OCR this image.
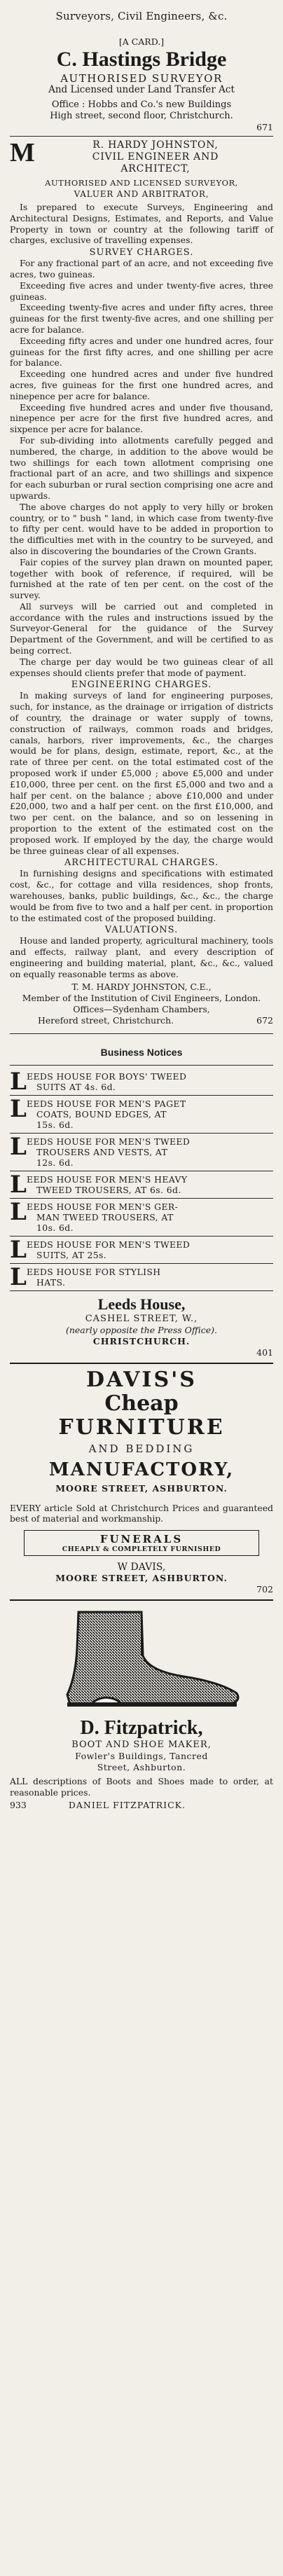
Surveyors, Civil Engineers, &c.
[A CARD.]
C. Hastings Bridge
AUTHORISED SURVEYOR
And Licensed under Land Transfer Act
Office : Hobbs and Co.'s new Buildings
High street, second floor, Christchurch.
671
M	R. HARDY JOHNSTON,
CIVIL ENGINEER AND
ARCHITECT,
AUTHORISED AND LICENSED SURVEYOR,
VALUER AND ARBITRATOR,

Is prepared to execute Surveys, Engineering and Architectural Designs, Estimates, and Reports, and Value Property in town or country at the following tariff of charges, exclusive of travelling expenses.

SURVEY CHARGES.

For any fractional part of an acre, and not exceeding five acres, two guineas.

Exceeding five acres and under twenty-five acres, three guineas.

Exceeding twenty-five acres and under fifty acres, three guineas for the first twenty-five acres, and one shilling per acre for balance.

Exceeding fifty acres and under one hundred acres, four guineas for the first fifty acres, and one shilling per acre for balance.

Exceeding one hundred acres and under five hundred acres, five guineas for the first one hundred acres, and ninepence per acre for balance.

Exceeding five hundred acres and under five thousand, ninepence per acre for the first five hundred acres, and sixpence per acre for balance.

For sub-dividing into allotments carefully pegged and numbered, the charge, in addition to the above would be two shillings for each town allotment comprising one fractional part of an acre, and two shillings and sixpence for each suburban or rural section comprising one acre and upwards.

The above charges do not apply to very hilly or broken country, or to " bush " land, in which case from twenty-five to fifty per cent. would have to be added in proportion to the difficulties met with in the country to be surveyed, and also in discovering the boundaries of the Crown Grants.

Fair copies of the survey plan drawn on mounted paper, together with book of reference, if required, will be furnished at the rate of ten per cent. on the cost of the survey.

All surveys will be carried out and completed in accordance with the rules and instructions issued by the Surveyor-General for the guidance of the Survey Department of the Government, and will be certified to as being correct.

The charge per day would be two guineas clear of all expenses should clients prefer that mode of payment.

ENGINEERING CHARGES.

In making surveys of land for engineering purposes, such, for instance, as the drainage or irrigation of districts of country, the drainage or water supply of towns, construction of railways, common roads and bridges, canals, harbors, river improvements, &c., the charges would be for plans, design, estimate, report, &c., at the rate of three per cent. on the total estimated cost of the proposed work if under £5,000 ; above £5,000 and under £10,000, three per cent. on the first £5,000 and two and a half per cent. on the balance ; above £10,000 and under £20,000, two and a half per cent. on the first £10,000, and two per cent. on the balance, and so on lessening in proportion to the extent of the estimated cost on the proposed work. If employed by the day, the charge would be three guineas clear of all expenses.

ARCHITECTURAL CHARGES.

In furnishing designs and specifications with estimated cost, &c., for cottage and villa residences, shop fronts, warehouses, banks, public buildings, &c., &c., the charge would be from five to two and a half per cent. in proportion to the estimated cost of the proposed building.

VALUATIONS.

House and landed property, agricultural machinery, tools and effects, railway plant, and every description of engineering and building material, plant, &c., &c., valued on equally reasonable terms as above.

T. M. HARDY JOHNSTON, C.E.,
Member of the Institution of Civil Engineers, London.
Offices—Sydenham Chambers,
Hereford street, Christchurch.	672
Business Notices
L EEDS HOUSE FOR BOYS' TWEED
SUITS AT 4s. 6d.
L EEDS HOUSE FOR MEN'S PAGET
COATS, BOUND EDGES, AT
15s. 6d.
L EEDS HOUSE FOR MEN'S TWEED
TROUSERS AND VESTS, AT
12s. 6d.
L EEDS HOUSE FOR MEN'S HEAVY
TWEED TROUSERS, AT 6s. 6d.
L EEDS HOUSE FOR MEN'S GER-
MAN TWEED TROUSERS, AT
10s. 6d.
L EEDS HOUSE FOR MEN'S TWEED
SUITS, AT 25s.
L EEDS HOUSE FOR STYLISH
HATS.
Leeds House,
CASHEL STREET, W.,
(nearly opposite the Press Office).
CHRISTCHURCH.
401
DAVIS'S
Cheap
FURNITURE
AND BEDDING
MANUFACTORY,
MOORE STREET, ASHBURTON.

EVERY article Sold at Christchurch Prices and guaranteed best of material and workmanship.

FUNERALS
CHEAPLY & COMPLETELY FURNISHED
W DAVIS,
MOORE STREET, ASHBURTON.
702
D. Fitzpatrick,
BOOT AND SHOE MAKER,
Fowler's Buildings, Tancred
Street, Ashburton.

ALL descriptions of Boots and Shoes made to order, at reasonable prices.

933	DANIEL FITZPATRICK.
